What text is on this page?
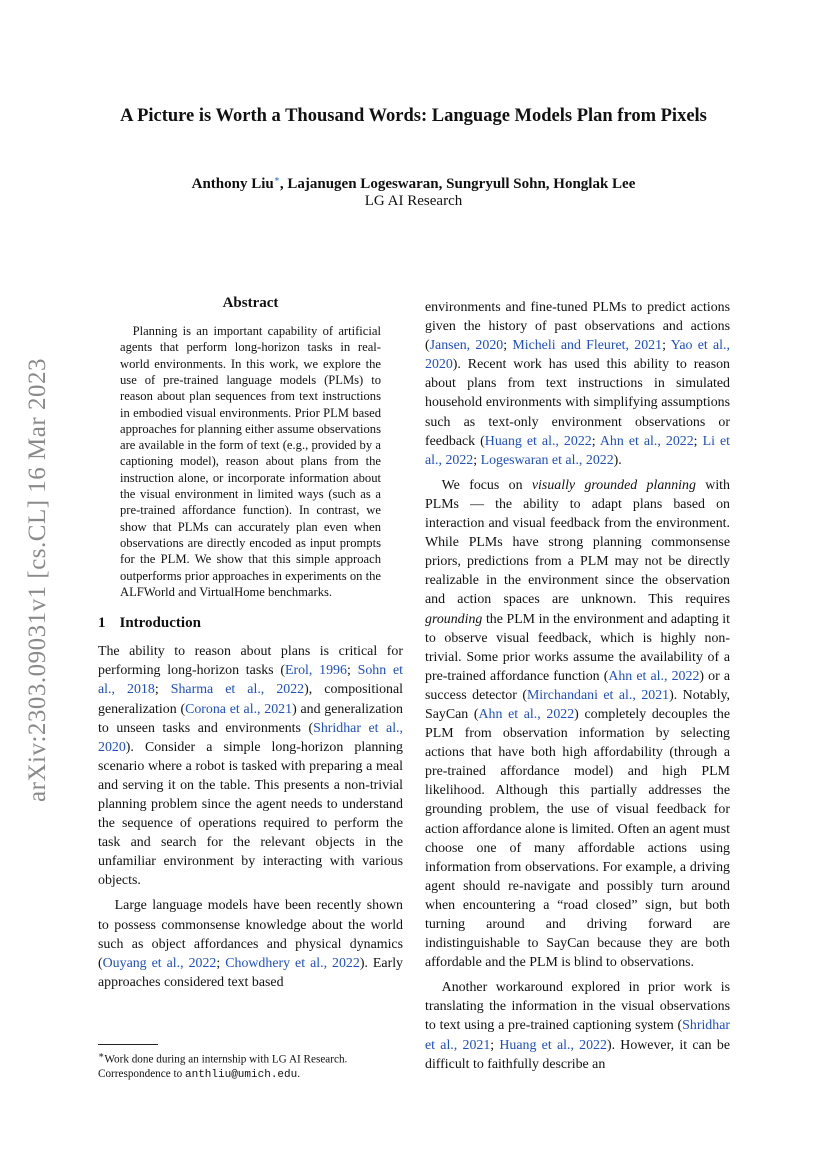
arXiv:2303.09031v1 [cs.CL] 16 Mar 2023
A Picture is Worth a Thousand Words: Language Models Plan from Pixels
Anthony Liu∗, Lajanugen Logeswaran, Sungryull Sohn, Honglak Lee
LG AI Research
Abstract

Planning is an important capability of artificial agents that perform long-horizon tasks in real-world environments. In this work, we explore the use of pre-trained language models (PLMs) to reason about plan sequences from text instructions in embodied visual environments. Prior PLM based approaches for planning either assume observations are available in the form of text (e.g., provided by a captioning model), reason about plans from the instruction alone, or incorporate information about the visual environment in limited ways (such as a pre-trained affordance function). In contrast, we show that PLMs can accurately plan even when observations are directly encoded as input prompts for the PLM. We show that this simple approach outperforms prior approaches in experiments on the ALFWorld and VirtualHome benchmarks.

1 Introduction

The ability to reason about plans is critical for performing long-horizon tasks (Erol, 1996; Sohn et al., 2018; Sharma et al., 2022), compositional generalization (Corona et al., 2021) and generalization to unseen tasks and environments (Shridhar et al., 2020). Consider a simple long-horizon planning scenario where a robot is tasked with preparing a meal and serving it on the table. This presents a non-trivial planning problem since the agent needs to understand the sequence of operations required to perform the task and search for the relevant objects in the unfamiliar environment by interacting with various objects.

Large language models have been recently shown to possess commonsense knowledge about the world such as object affordances and physical dynamics (Ouyang et al., 2022; Chowdhery et al., 2022). Early approaches considered text based

∗Work done during an internship with LG AI Research.
Correspondence to anthliu@umich.edu.

environments and fine-tuned PLMs to predict actions given the history of past observations and actions (Jansen, 2020; Micheli and Fleuret, 2021; Yao et al., 2020). Recent work has used this ability to reason about plans from text instructions in simulated household environments with simplifying assumptions such as text-only environment observations or feedback (Huang et al., 2022; Ahn et al., 2022; Li et al., 2022; Logeswaran et al., 2022).

We focus on visually grounded planning with PLMs — the ability to adapt plans based on interaction and visual feedback from the environment. While PLMs have strong planning commonsense priors, predictions from a PLM may not be directly realizable in the environment since the observation and action spaces are unknown. This requires grounding the PLM in the environment and adapting it to observe visual feedback, which is highly non-trivial. Some prior works assume the availability of a pre-trained affordance function (Ahn et al., 2022) or a success detector (Mirchandani et al., 2021). Notably, SayCan (Ahn et al., 2022) completely decouples the PLM from observation information by selecting actions that have both high affordability (through a pre-trained affordance model) and high PLM likelihood. Although this partially addresses the grounding problem, the use of visual feedback for action affordance alone is limited. Often an agent must choose one of many affordable actions using information from observations. For example, a driving agent should re-navigate and possibly turn around when encountering a “road closed” sign, but both turning around and driving forward are indistinguishable to SayCan because they are both affordable and the PLM is blind to observations.

Another workaround explored in prior work is translating the information in the visual observations to text using a pre-trained captioning system (Shridhar et al., 2021; Huang et al., 2022). However, it can be difficult to faithfully describe an
